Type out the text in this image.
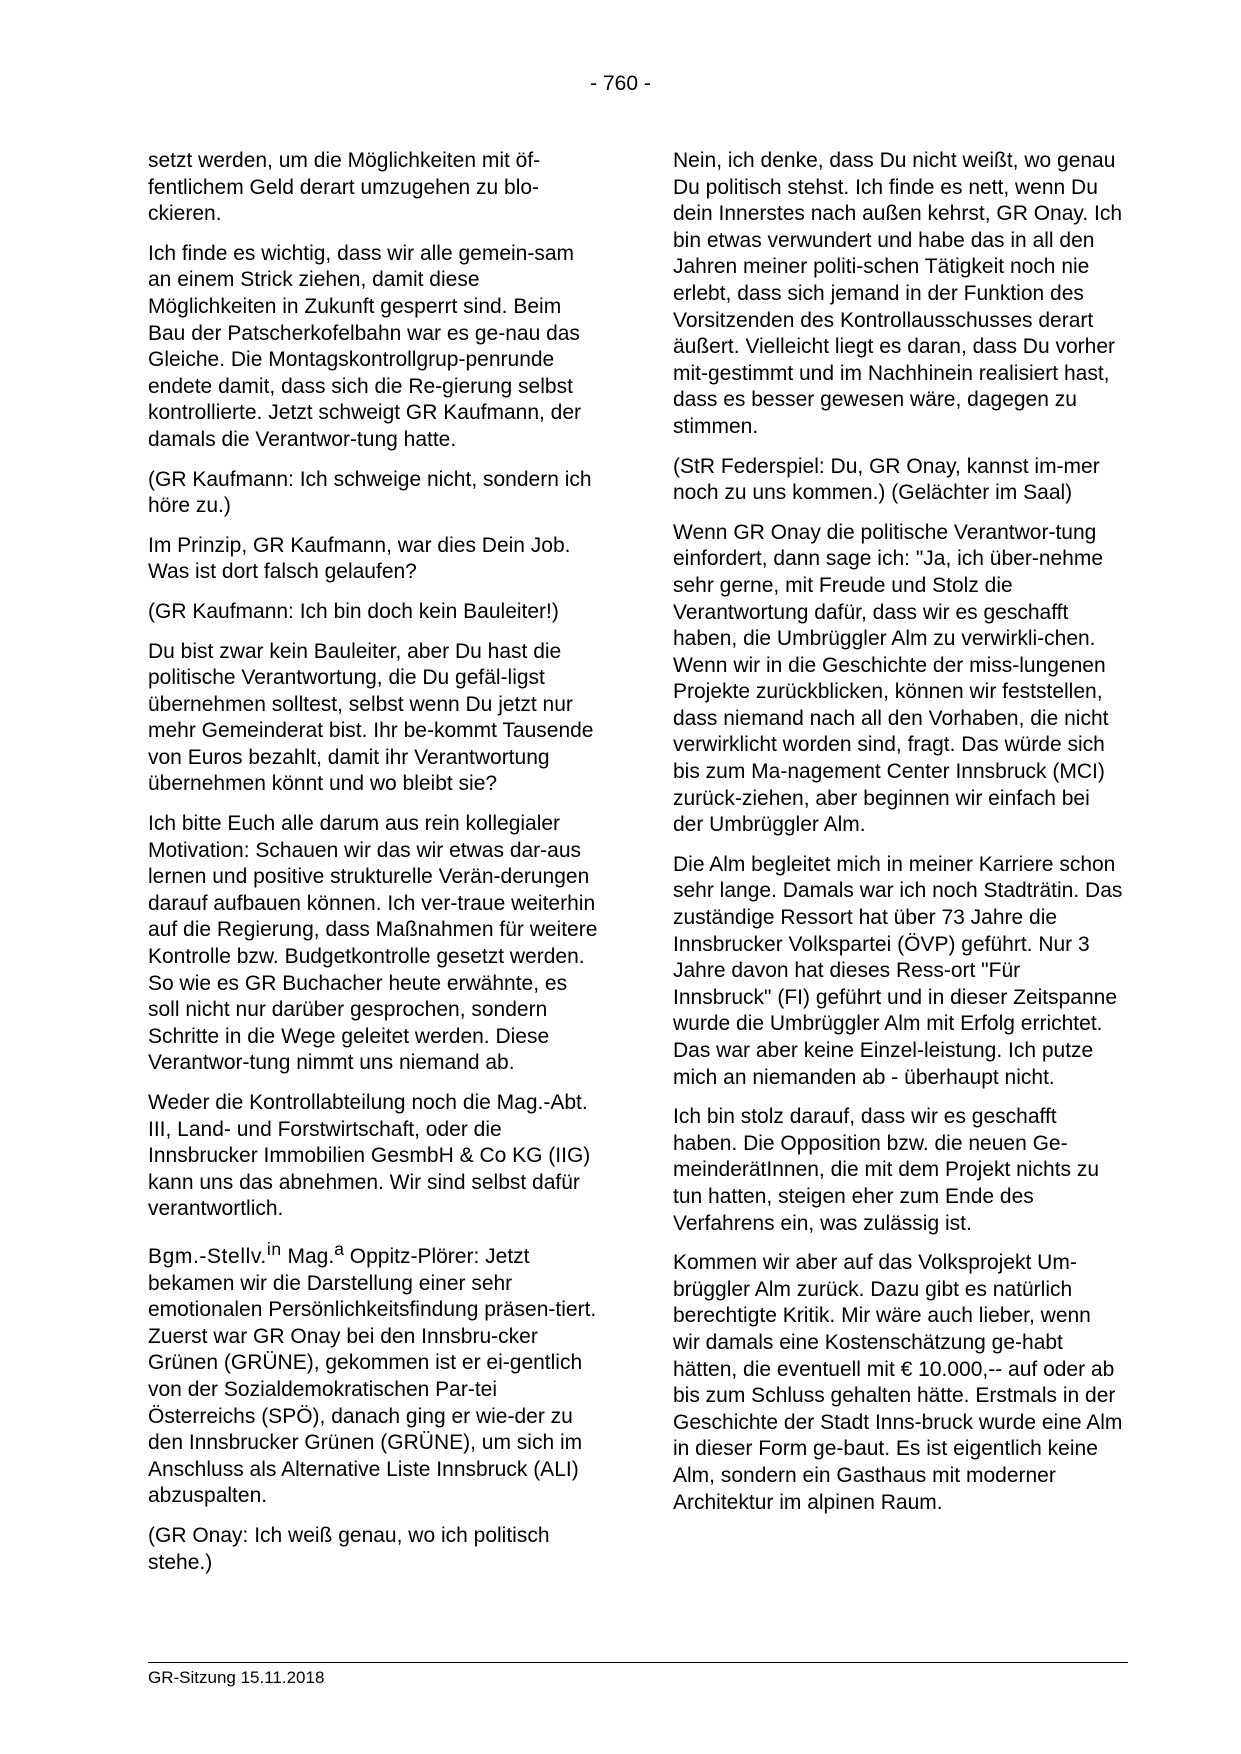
- 760 -

setzt werden, um die Möglichkeiten mit öf-fentlichem Geld derart umzugehen zu blo-ckieren.

Ich finde es wichtig, dass wir alle gemein-sam an einem Strick ziehen, damit diese Möglichkeiten in Zukunft gesperrt sind. Beim Bau der Patscherkofelbahn war es ge-nau das Gleiche. Die Montagskontrollgrup-penrunde endete damit, dass sich die Re-gierung selbst kontrollierte. Jetzt schweigt GR Kaufmann, der damals die Verantwor-tung hatte.

(GR Kaufmann: Ich schweige nicht, sondern ich höre zu.)

Im Prinzip, GR Kaufmann, war dies Dein Job. Was ist dort falsch gelaufen?

(GR Kaufmann: Ich bin doch kein Bauleiter!)

Du bist zwar kein Bauleiter, aber Du hast die politische Verantwortung, die Du gefäl-ligst übernehmen solltest, selbst wenn Du jetzt nur mehr Gemeinderat bist. Ihr be-kommt Tausende von Euros bezahlt, damit ihr Verantwortung übernehmen könnt und wo bleibt sie?

Ich bitte Euch alle darum aus rein kollegialer Motivation: Schauen wir das wir etwas dar-aus lernen und positive strukturelle Verän-derungen darauf aufbauen können. Ich ver-traue weiterhin auf die Regierung, dass Maßnahmen für weitere Kontrolle bzw. Budgetkontrolle gesetzt werden. So wie es GR Buchacher heute erwähnte, es soll nicht nur darüber gesprochen, sondern Schritte in die Wege geleitet werden. Diese Verantwor-tung nimmt uns niemand ab.

Weder die Kontrollabteilung noch die Mag.-Abt. III, Land- und Forstwirtschaft, oder die Innsbrucker Immobilien GesmbH & Co KG (IIG) kann uns das abnehmen. Wir sind selbst dafür verantwortlich.

Bgm.-Stellv.$^{in}$ Mag.$^a$ Oppitz-Plörer: Jetzt bekamen wir die Darstellung einer sehr emotionalen Persönlichkeitsfindung präsen-tiert. Zuerst war GR Onay bei den Innsbru-cker Grünen (GRÜNE), gekommen ist er ei-gentlich von der Sozialdemokratischen Par-tei Österreichs (SPÖ), danach ging er wie-der zu den Innsbrucker Grünen (GRÜNE), um sich im Anschluss als Alternative Liste Innsbruck (ALI) abzuspalten.

(GR Onay: Ich weiß genau, wo ich politisch stehe.)

Nein, ich denke, dass Du nicht weißt, wo genau Du politisch stehst. Ich finde es nett, wenn Du dein Innerstes nach außen kehrst, GR Onay. Ich bin etwas verwundert und habe das in all den Jahren meiner politi-schen Tätigkeit noch nie erlebt, dass sich jemand in der Funktion des Vorsitzenden des Kontrollausschusses derart äußert. Vielleicht liegt es daran, dass Du vorher mit-gestimmt und im Nachhinein realisiert hast, dass es besser gewesen wäre, dagegen zu stimmen.

(StR Federspiel: Du, GR Onay, kannst im-mer noch zu uns kommen.) (Gelächter im Saal)

Wenn GR Onay die politische Verantwor-tung einfordert, dann sage ich: "Ja, ich über-nehme sehr gerne, mit Freude und Stolz die Verantwortung dafür, dass wir es geschafft haben, die Umbrüggler Alm zu verwirkli-chen. Wenn wir in die Geschichte der miss-lungenen Projekte zurückblicken, können wir feststellen, dass niemand nach all den Vorhaben, die nicht verwirklicht worden sind, fragt. Das würde sich bis zum Ma-nagement Center Innsbruck (MCI) zurück-ziehen, aber beginnen wir einfach bei der Umbrüggler Alm.

Die Alm begleitet mich in meiner Karriere schon sehr lange. Damals war ich noch Stadträtin. Das zuständige Ressort hat über 73 Jahre die Innsbrucker Volkspartei (ÖVP) geführt. Nur 3 Jahre davon hat dieses Ress-ort "Für Innsbruck" (FI) geführt und in dieser Zeitspanne wurde die Umbrüggler Alm mit Erfolg errichtet. Das war aber keine Einzel-leistung. Ich putze mich an niemanden ab - überhaupt nicht.

Ich bin stolz darauf, dass wir es geschafft haben. Die Opposition bzw. die neuen Ge-meinderätInnen, die mit dem Projekt nichts zu tun hatten, steigen eher zum Ende des Verfahrens ein, was zulässig ist.

Kommen wir aber auf das Volksprojekt Um-brüggler Alm zurück. Dazu gibt es natürlich berechtigte Kritik. Mir wäre auch lieber, wenn wir damals eine Kostenschätzung ge-habt hätten, die eventuell mit € 10.000,-- auf oder ab bis zum Schluss gehalten hätte. Erstmals in der Geschichte der Stadt Inns-bruck wurde eine Alm in dieser Form ge-baut. Es ist eigentlich keine Alm, sondern ein Gasthaus mit moderner Architektur im alpinen Raum.

GR-Sitzung 15.11.2018
